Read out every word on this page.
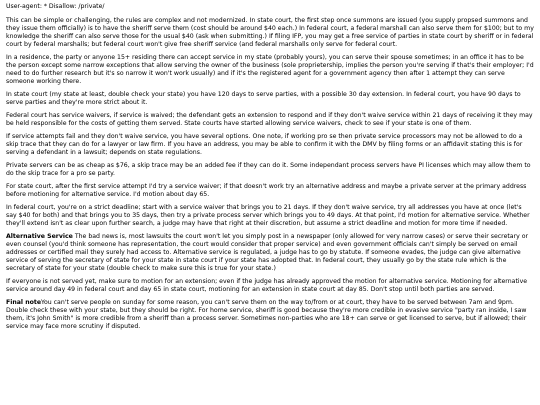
User-agent: * Disallow: /private/

This can be simple or challenging, the rules are complex and not modernized. In state court, the first step once summons are issued (you supply propsed summons and they issue them officially) is to have the sheriff serve them (cost should be around $40 each.) In federal court, a federal marshall can also serve them for $100; but to my knowledge the sheriff can also serve those for the usual $40 (ask when submitting.) If filing IFP, you may get a free service of parties in state court by sheriff or in federal court by federal marshalls; but federal court won't give free sheriff service (and federal marshalls only serve for federal court.

In a residence, the party or anyone 15+ residing there can accept service in my state (probably yours), you can serve their spouse sometimes; in an office it has to be the person except some narrow exceptions that allow serving the owner of the business (sole proprietership, implies the person you're serving if that's their employer; I'd need to do further research but it's so narrow it won't work usually) and if it's the registered agent for a government agency then after 1 attempt they can serve someone working there.

In state court (my state at least, double check your state) you have 120 days to serve parties, with a possible 30 day extension. In federal court, you have 90 days to serve parties and they're more strict about it.

Federal court has service waivers, if service is waived; the defendant gets an extension to respond and if they don't waive service within 21 days of receiving it they may be held responsible for the costs of getting them served. State courts have started allowing service waivers, check to see if your state is one of them.

If service attempts fail and they don't waive service, you have several options. One note, if working pro se then private service processors may not be allowed to do a skip trace that they can do for a lawyer or law firm. If you have an address, you may be able to confirm it with the DMV by filing forms or an affidavit stating this is for serving a defendant in a lawsuit; depends on state regulations.

Private servers can be as cheap as $76, a skip trace may be an added fee if they can do it. Some independant process servers have PI licenses which may allow them to do the skip trace for a pro se party.

For state court, after the first service attempt I'd try a service waiver; if that doesn't work try an alternative address and maybe a private server at the primary address before motioning for alternative service. I'd motion about day 65.

In federal court, you're on a strict deadline; start with a service waiver that brings you to 21 days. If they don't waive service, try all addresses you have at once (let's say $40 for both) and that brings you to 35 days, then try a private process server which brings you to 49 days. At that point, I'd motion for alternative service. Whether they'll extend isn't as clear upon further search, a judge may have that right at their discretion, but assume a strict deadline and motion for more time if needed.

Alternative Service The bad news is, most lawsuits the court won't let you simply post in a newspaper (only allowed for very narrow cases) or serve their secretary or even counsel (you'd think someone has representation, the court would consider that proper service) and even government officials can't simply be served on email addresses or certified mail they surely had access to. Alternative service is regulated, a judge has to go by statute. If someone evades, the judge can give alternative service of serving the secretary of state for your state in state court if your state has adopted that. In federal court, they usually go by the state rule which is the secretary of state for your state (double check to make sure this is true for your state.)

If everyone is not served yet, make sure to motion for an extension; even if the judge has already approved the motion for alternative service. Motioning for alternative service around day 49 in federal court and day 65 in state court, motioning for an extension in state court at day 85. Don't stop until both parties are served.

Final noteYou can't serve people on sunday for some reason, you can't serve them on the way to/from or at court, they have to be served between 7am and 9pm. Double check these with your state, but they should be right. For home service, sheriff is good because they're more credible in evasive service "party ran inside, I saw them, it's John Smith" is more credible from a sheriff than a process server. Sometimes non-parties who are 18+ can serve or get licensed to serve, but if allowed; their service may face more scrutiny if disputed.
